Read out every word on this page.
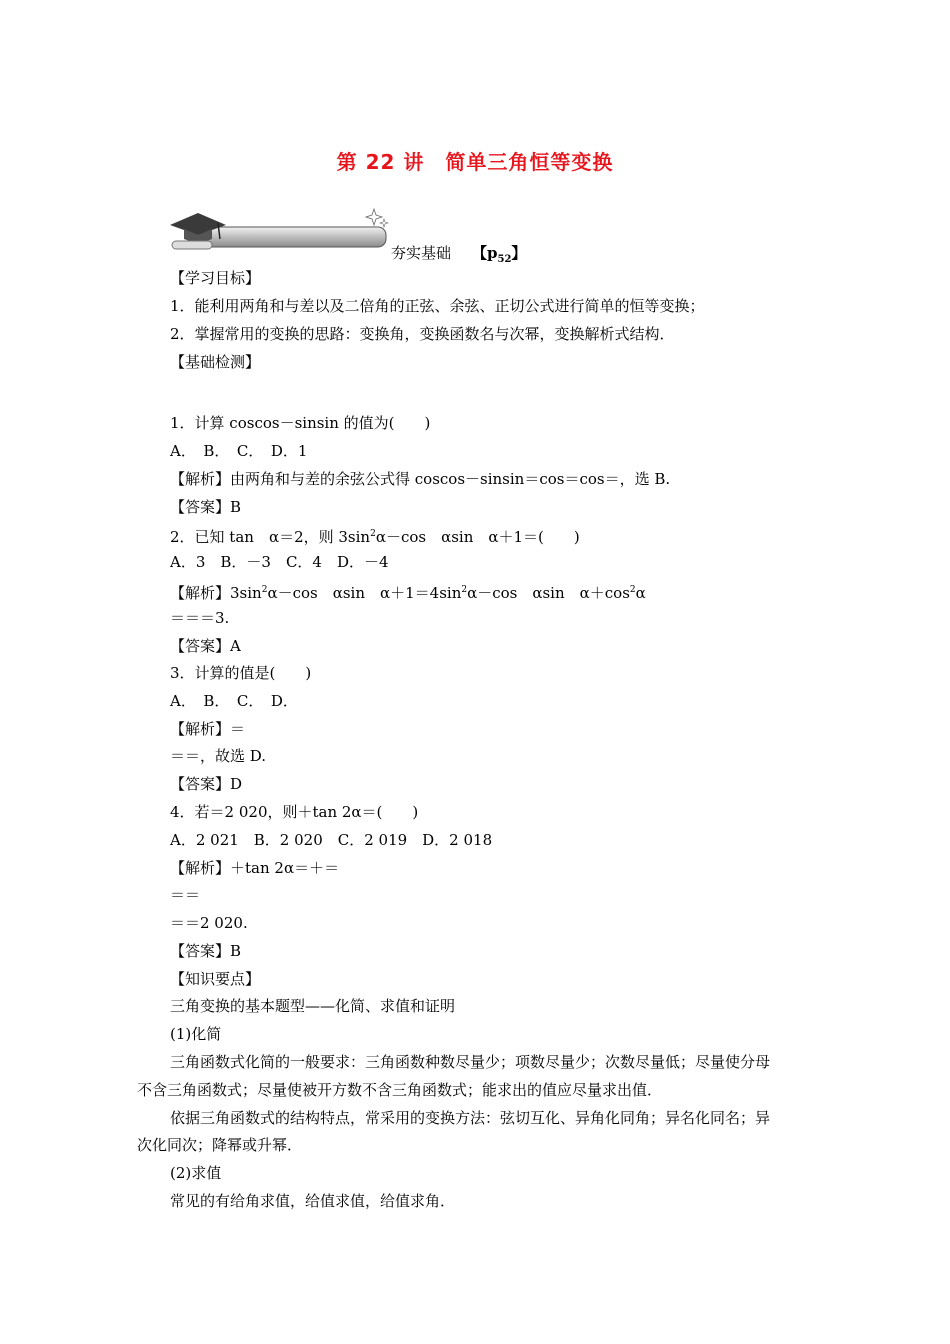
第 22 讲　简单三角恒等变换
夯实基础 【$p_{52}$】
【学习目标】
1．能利用两角和与差以及二倍角的正弦、余弦、正切公式进行简单的恒等变换；
2．掌握常用的变换的思路：变换角，变换函数名与次幂，变换解析式结构．
【基础检测】
1．计算 coscos－sinsin 的值为(　　)
A．　B．　C．　D．1
【解析】由两角和与差的余弦公式得 coscos－sinsin＝cos＝cos＝，选 B.
【答案】B
2．已知 tan　α＝2，则 $3\sin^2\alpha-\cos$　αsin　α＋1＝(　　)
A．3　B．－3　C．4　D．－4
【解析】$3\sin^2\alpha-\cos$　αsin　$\alpha+1=4\sin^2\alpha-\cos$　αsin　$\alpha+\cos^2\alpha$
＝＝＝3.
【答案】A
3．计算的值是(　　)
A．　B．　C．　D．
【解析】＝
＝＝，故选 D.
【答案】D
4．若＝2 020，则＋tan 2α＝(　　)
A．2 021　B．2 020　C．2 019　D．2 018
【解析】＋tan 2α＝＋＝
＝＝
＝＝2 020.
【答案】B
【知识要点】
三角变换的基本题型——化简、求值和证明
(1)化简
三角函数式化简的一般要求：三角函数种数尽量少；项数尽量少；次数尽量低；尽量使分母
不含三角函数式；尽量使被开方数不含三角函数式；能求出的值应尽量求出值．
依据三角函数式的结构特点，常采用的变换方法：弦切互化、异角化同角；异名化同名；异
次化同次；降幂或升幂．
(2)求值
常见的有给角求值，给值求值，给值求角．
